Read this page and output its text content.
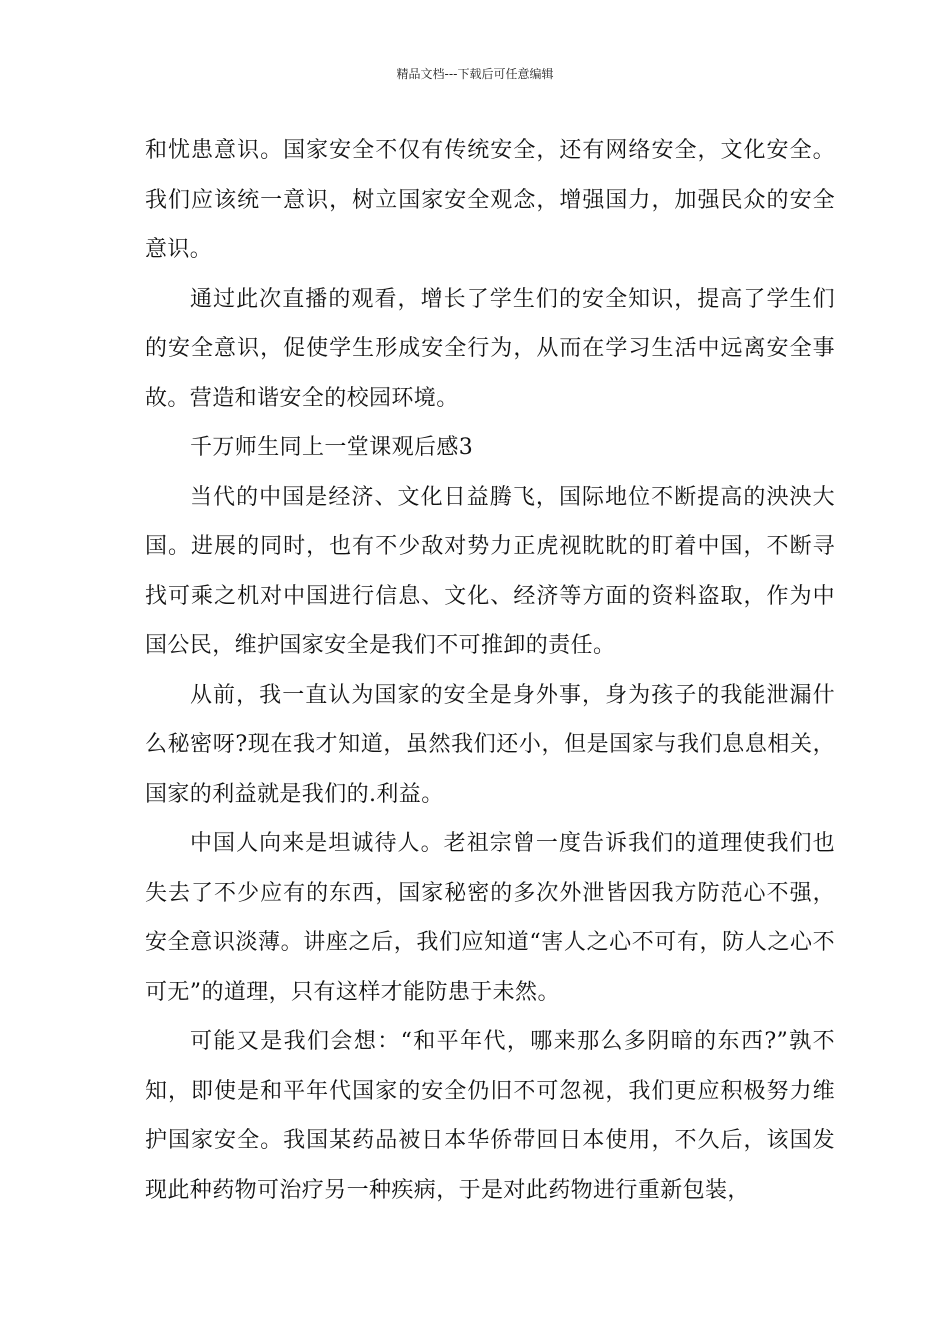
精品文档---下载后可任意编辑

和忧患意识。国家安全不仅有传统安全，还有网络安全，文化安全。我们应该统一意识，树立国家安全观念，增强国力，加强民众的安全意识。

通过此次直播的观看，增长了学生们的安全知识，提高了学生们的安全意识，促使学生形成安全行为，从而在学习生活中远离安全事故。营造和谐安全的校园环境。

千万师生同上一堂课观后感3

当代的中国是经济、文化日益腾飞，国际地位不断提高的泱泱大国。进展的同时，也有不少敌对势力正虎视眈眈的盯着中国，不断寻找可乘之机对中国进行信息、文化、经济等方面的资料盗取，作为中国公民，维护国家安全是我们不可推卸的责任。

从前，我一直认为国家的安全是身外事，身为孩子的我能泄漏什么秘密呀?现在我才知道，虽然我们还小，但是国家与我们息息相关，国家的利益就是我们的.利益。

中国人向来是坦诚待人。老祖宗曾一度告诉我们的道理使我们也失去了不少应有的东西，国家秘密的多次外泄皆因我方防范心不强，安全意识淡薄。讲座之后，我们应知道“害人之心不可有，防人之心不可无”的道理，只有这样才能防患于未然。

可能又是我们会想：“和平年代，哪来那么多阴暗的东西?”孰不知，即使是和平年代国家的安全仍旧不可忽视，我们更应积极努力维护国家安全。我国某药品被日本华侨带回日本使用，不久后，该国发现此种药物可治疗另一种疾病，于是对此药物进行重新包装，
